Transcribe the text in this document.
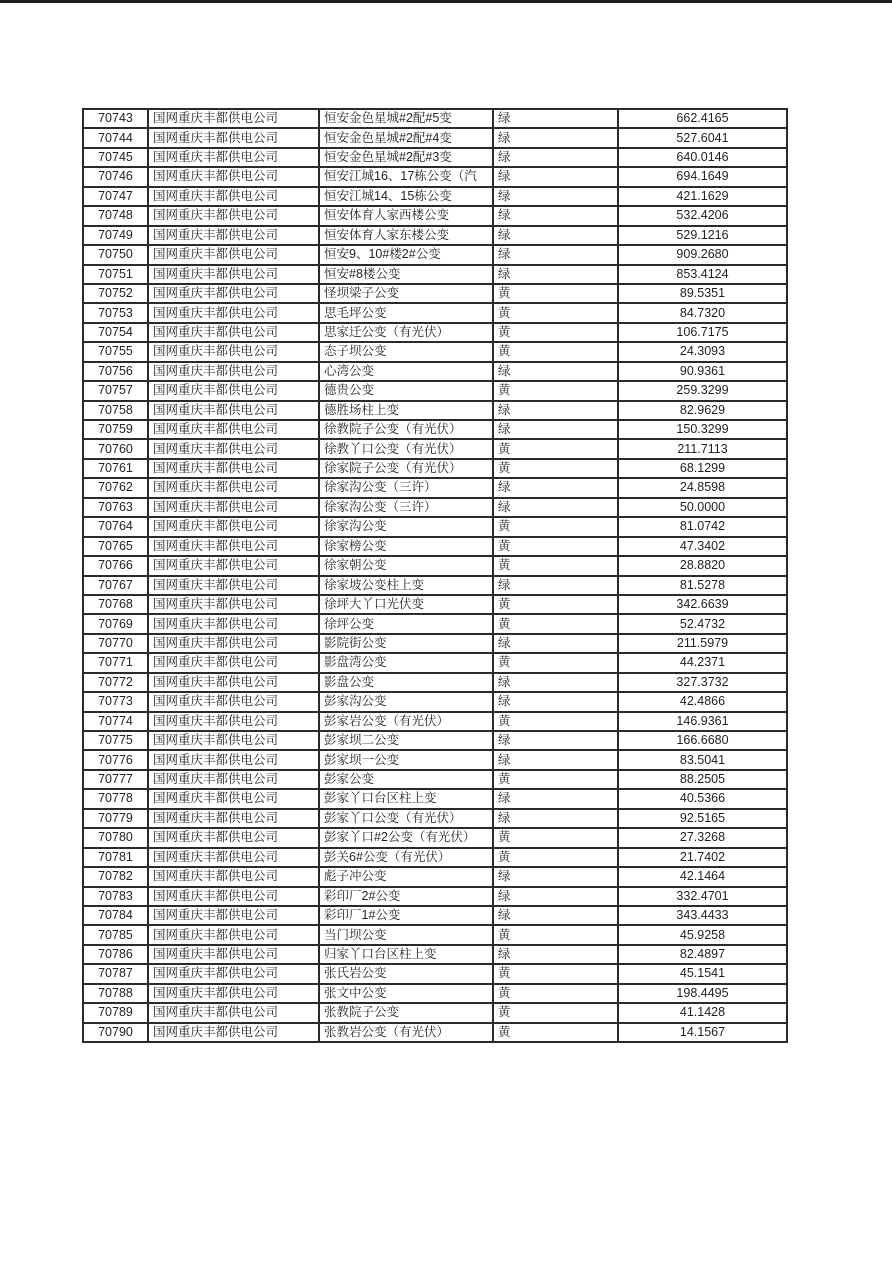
70743	国网重庆丰都供电公司	恒安金色星城#2配#5变	绿	662.4165
70744	国网重庆丰都供电公司	恒安金色星城#2配#4变	绿	527.6041
70745	国网重庆丰都供电公司	恒安金色星城#2配#3变	绿	640.0146
70746	国网重庆丰都供电公司	恒安江城16、17栋公变（汽	绿	694.1649
70747	国网重庆丰都供电公司	恒安江城14、15栋公变	绿	421.1629
70748	国网重庆丰都供电公司	恒安体育人家西楼公变	绿	532.4206
70749	国网重庆丰都供电公司	恒安体育人家东楼公变	绿	529.1216
70750	国网重庆丰都供电公司	恒安9、10#楼2#公变	绿	909.2680
70751	国网重庆丰都供电公司	恒安#8楼公变	绿	853.4124
70752	国网重庆丰都供电公司	怪坝梁子公变	黄	89.5351
70753	国网重庆丰都供电公司	思毛坪公变	黄	84.7320
70754	国网重庆丰都供电公司	思家迁公变（有光伏）	黄	106.7175
70755	国网重庆丰都供电公司	态子坝公变	黄	24.3093
70756	国网重庆丰都供电公司	心湾公变	绿	90.9361
70757	国网重庆丰都供电公司	德贵公变	黄	259.3299
70758	国网重庆丰都供电公司	德胜场柱上变	绿	82.9629
70759	国网重庆丰都供电公司	徐教院子公变（有光伏）	绿	150.3299
70760	国网重庆丰都供电公司	徐教丫口公变（有光伏）	黄	211.7113
70761	国网重庆丰都供电公司	徐家院子公变（有光伏）	黄	68.1299
70762	国网重庆丰都供电公司	徐家沟公变（三许）	绿	24.8598
70763	国网重庆丰都供电公司	徐家沟公变（三许）	绿	50.0000
70764	国网重庆丰都供电公司	徐家沟公变	黄	81.0742
70765	国网重庆丰都供电公司	徐家榜公变	黄	47.3402
70766	国网重庆丰都供电公司	徐家朝公变	黄	28.8820
70767	国网重庆丰都供电公司	徐家坡公变柱上变	绿	81.5278
70768	国网重庆丰都供电公司	徐坪大丫口光伏变	黄	342.6639
70769	国网重庆丰都供电公司	徐坪公变	黄	52.4732
70770	国网重庆丰都供电公司	影院街公变	绿	211.5979
70771	国网重庆丰都供电公司	影盘湾公变	黄	44.2371
70772	国网重庆丰都供电公司	影盘公变	绿	327.3732
70773	国网重庆丰都供电公司	彭家沟公变	绿	42.4866
70774	国网重庆丰都供电公司	彭家岩公变（有光伏）	黄	146.9361
70775	国网重庆丰都供电公司	彭家坝二公变	绿	166.6680
70776	国网重庆丰都供电公司	彭家坝一公变	绿	83.5041
70777	国网重庆丰都供电公司	彭家公变	黄	88.2505
70778	国网重庆丰都供电公司	彭家丫口台区柱上变	绿	40.5366
70779	国网重庆丰都供电公司	彭家丫口公变（有光伏）	绿	92.5165
70780	国网重庆丰都供电公司	彭家丫口#2公变（有光伏）	黄	27.3268
70781	国网重庆丰都供电公司	彭关6#公变（有光伏）	黄	21.7402
70782	国网重庆丰都供电公司	彪子冲公变	绿	42.1464
70783	国网重庆丰都供电公司	彩印厂2#公变	绿	332.4701
70784	国网重庆丰都供电公司	彩印厂1#公变	绿	343.4433
70785	国网重庆丰都供电公司	当门坝公变	黄	45.9258
70786	国网重庆丰都供电公司	归家丫口台区柱上变	绿	82.4897
70787	国网重庆丰都供电公司	张氏岩公变	黄	45.1541
70788	国网重庆丰都供电公司	张文中公变	黄	198.4495
70789	国网重庆丰都供电公司	张教院子公变	黄	41.1428
70790	国网重庆丰都供电公司	张教岩公变（有光伏）	黄	14.1567
